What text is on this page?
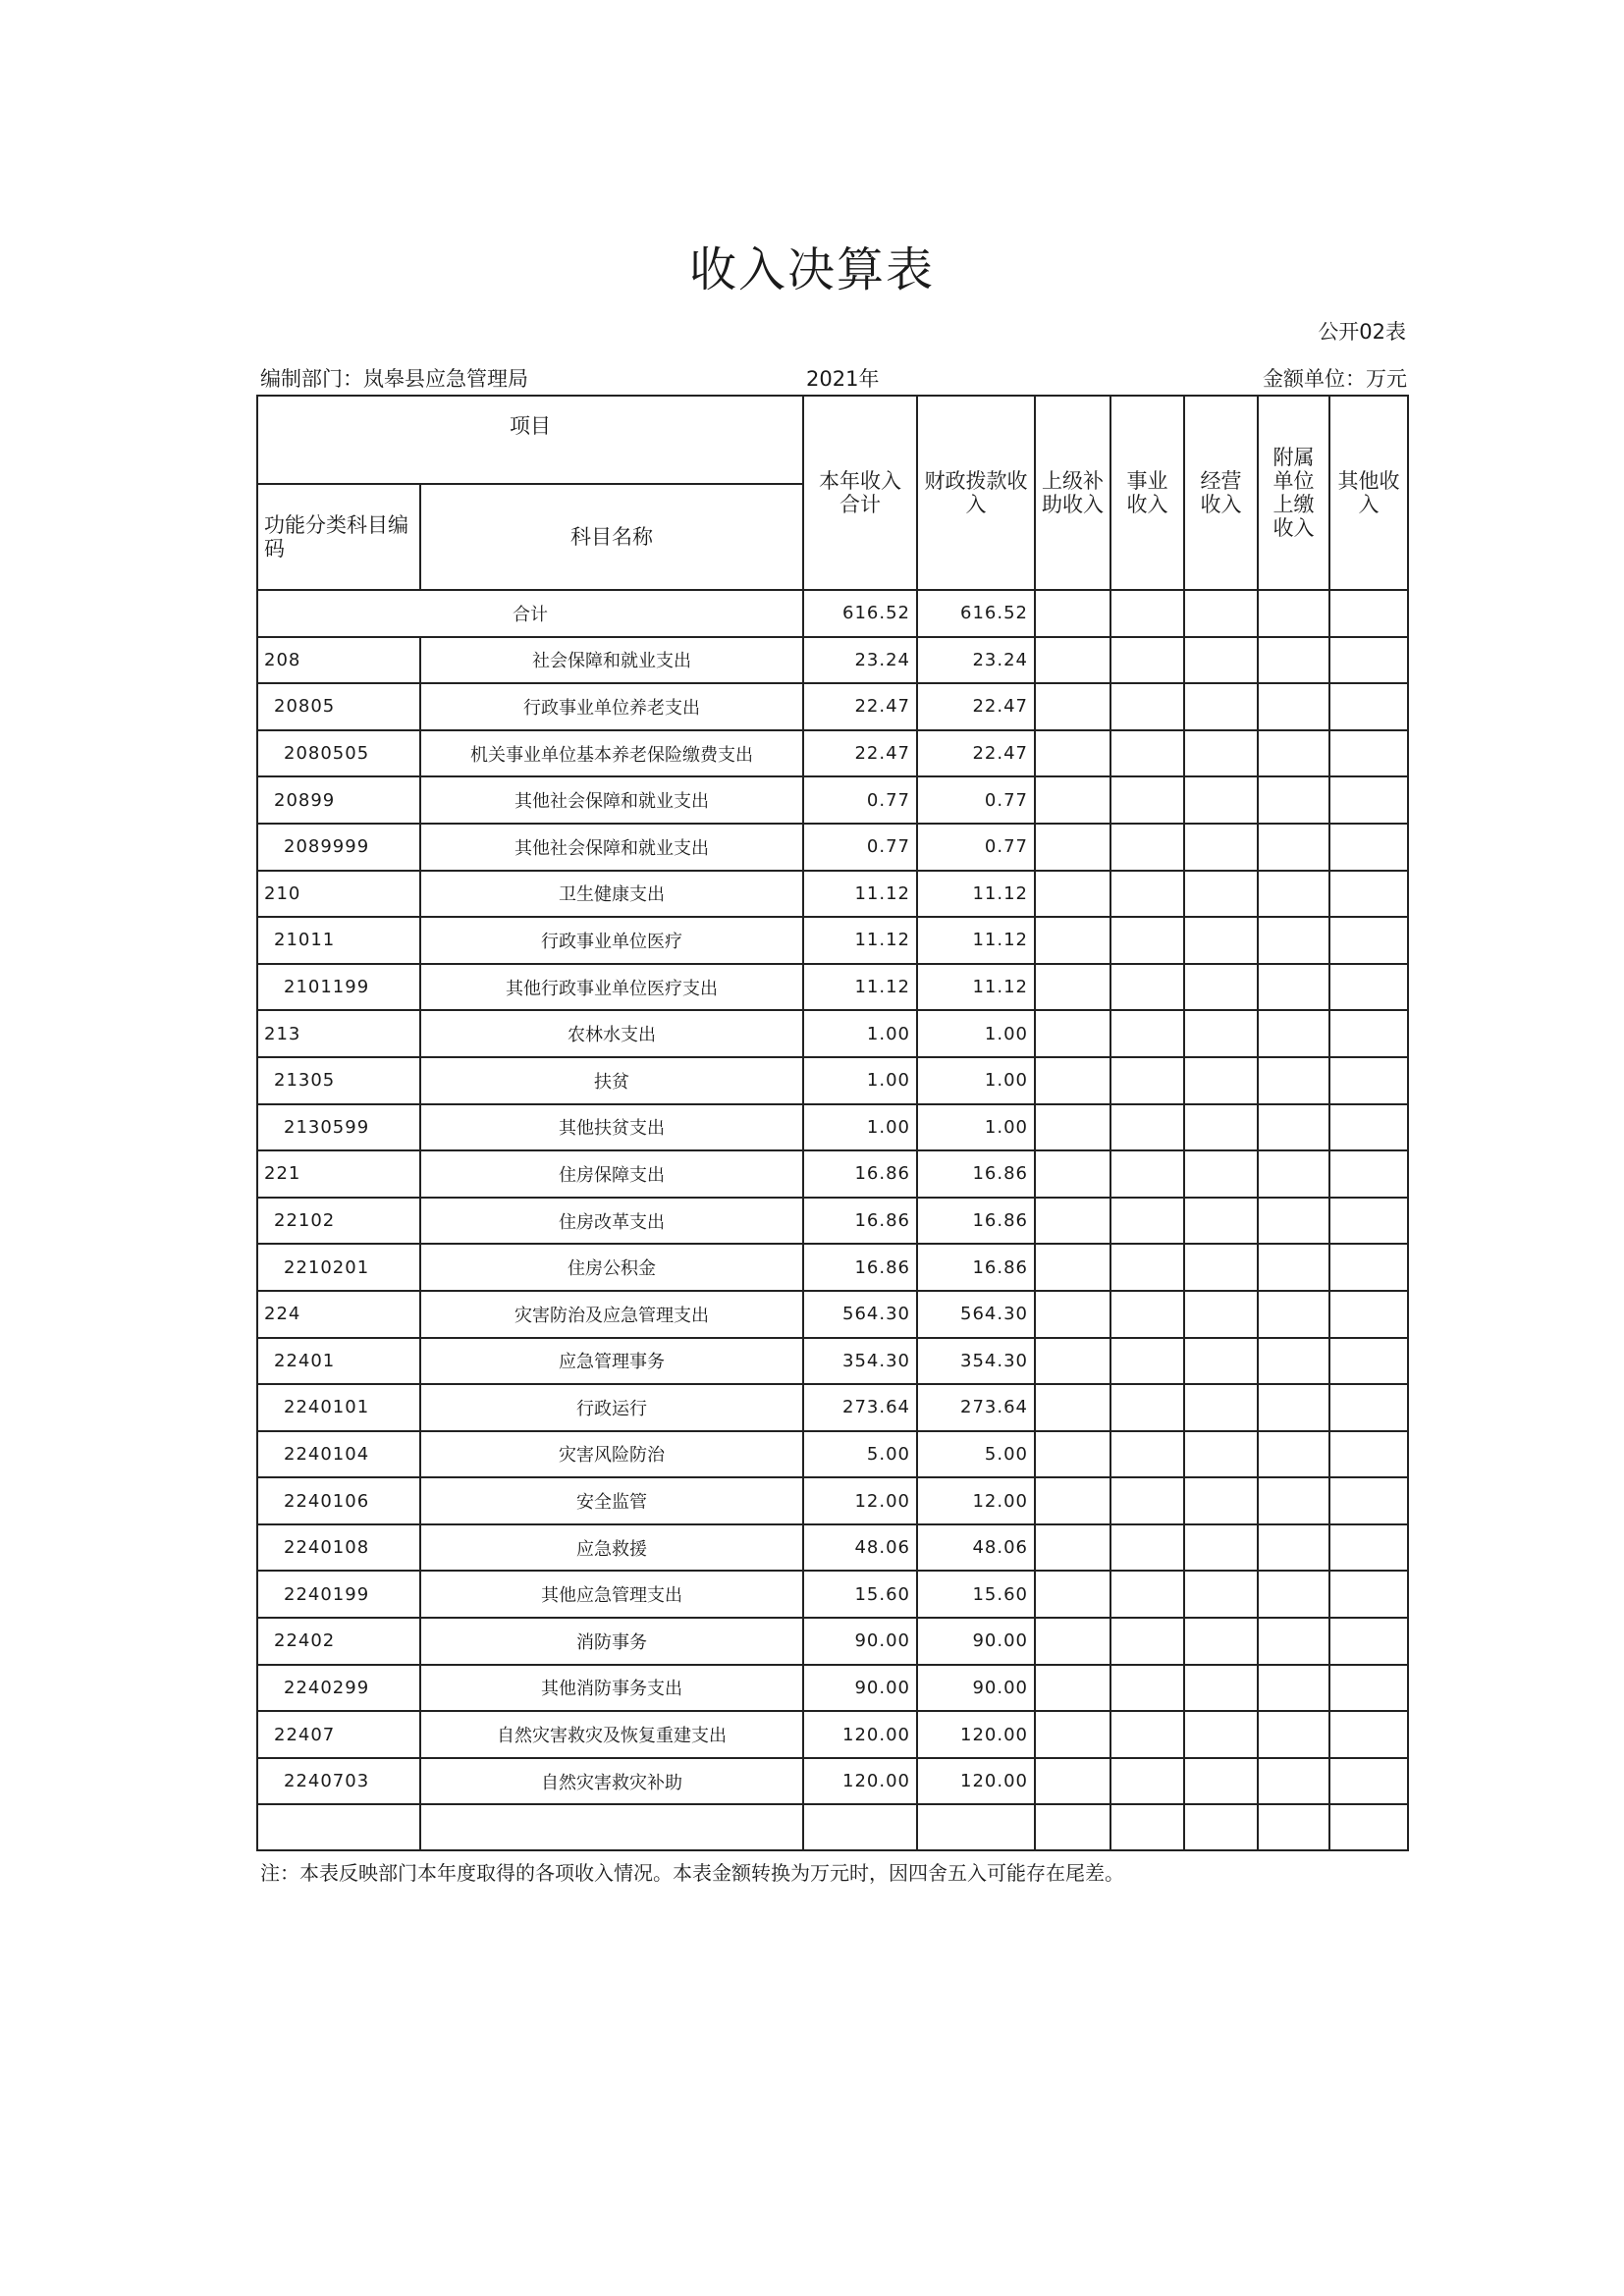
收入决算表
公开02表
编制部门：岚皋县应急管理局	2021年	金额单位：万元
项目		本年收入合计	财政拨款收入	上级补助收入	事业收入	经营收入	附属单位上缴收入	其他收入
功能分类科目编码	科目名称							
合计		616.52	616.52					
208	社会保障和就业支出	23.24	23.24					
20805	行政事业单位养老支出	22.47	22.47					
2080505	机关事业单位基本养老保险缴费支出	22.47	22.47					
20899	其他社会保障和就业支出	0.77	0.77					
2089999	其他社会保障和就业支出	0.77	0.77					
210	卫生健康支出	11.12	11.12					
21011	行政事业单位医疗	11.12	11.12					
2101199	其他行政事业单位医疗支出	11.12	11.12					
213	农林水支出	1.00	1.00					
21305	扶贫	1.00	1.00					
2130599	其他扶贫支出	1.00	1.00					
221	住房保障支出	16.86	16.86					
22102	住房改革支出	16.86	16.86					
2210201	住房公积金	16.86	16.86					
224	灾害防治及应急管理支出	564.30	564.30					
22401	应急管理事务	354.30	354.30					
2240101	行政运行	273.64	273.64					
2240104	灾害风险防治	5.00	5.00					
2240106	安全监管	12.00	12.00					
2240108	应急救援	48.06	48.06					
2240199	其他应急管理支出	15.60	15.60					
22402	消防事务	90.00	90.00					
2240299	其他消防事务支出	90.00	90.00					
22407	自然灾害救灾及恢复重建支出	120.00	120.00					
2240703	自然灾害救灾补助	120.00	120.00					

注：本表反映部门本年度取得的各项收入情况。本表金额转换为万元时，因四舍五入可能存在尾差。
